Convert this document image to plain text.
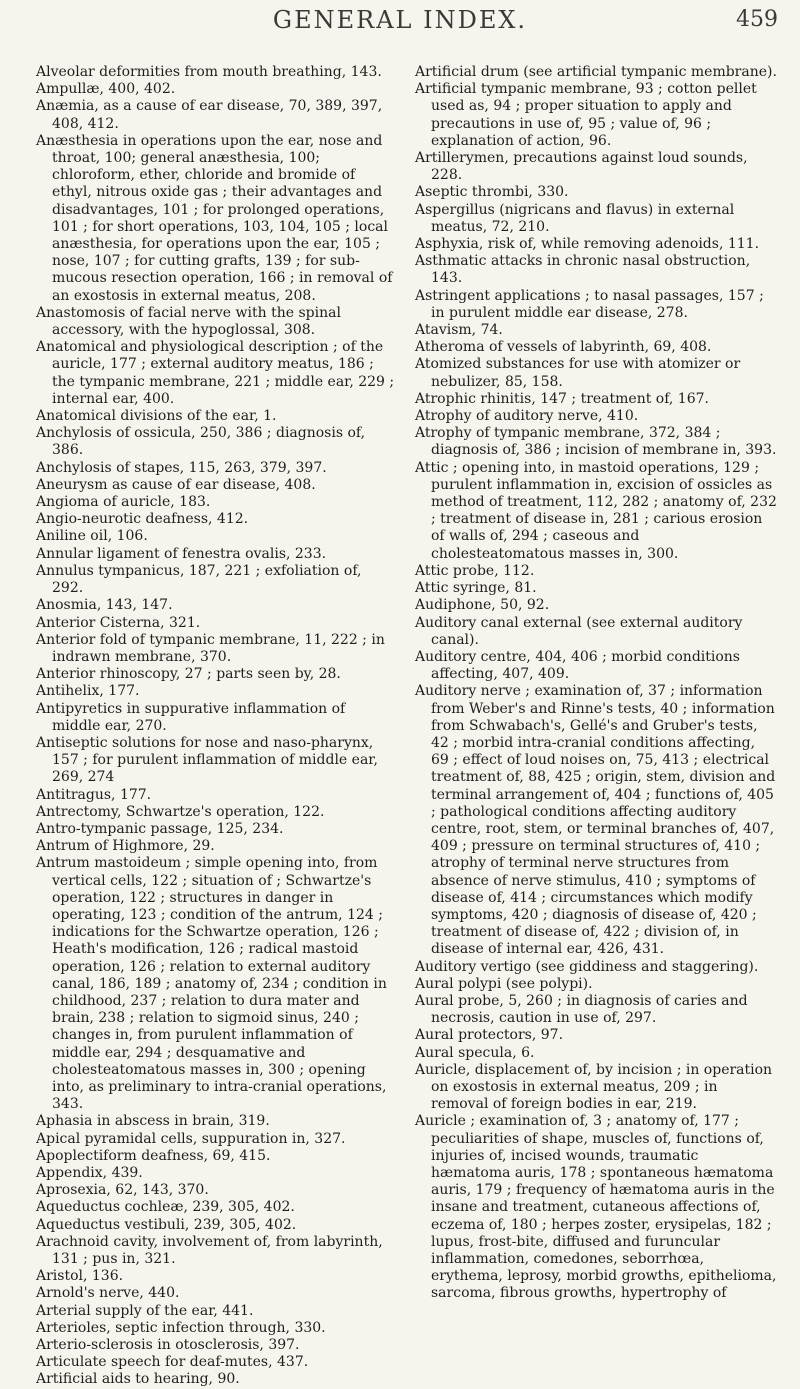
GENERAL INDEX.	459

Alveolar deformities from mouth breathing, 143.

Ampullæ, 400, 402.

Anæmia, as a cause of ear disease, 70, 389, 397, 408, 412.

Anæsthesia in operations upon the ear, nose and throat, 100; general anæsthesia, 100; chloroform, ether, chloride and bromide of ethyl, nitrous oxide gas ; their advantages and disadvantages, 101 ; for prolonged operations, 101 ; for short operations, 103, 104, 105 ; local anæsthesia, for operations upon the ear, 105 ; nose, 107 ; for cutting grafts, 139 ; for sub-mucous resection operation, 166 ; in removal of an exostosis in external meatus, 208.

Anastomosis of facial nerve with the spinal accessory, with the hypoglossal, 308.

Anatomical and physiological description ; of the auricle, 177 ; external auditory meatus, 186 ; the tympanic membrane, 221 ; middle ear, 229 ; internal ear, 400.

Anatomical divisions of the ear, 1.

Anchylosis of ossicula, 250, 386 ; diagnosis of, 386.

Anchylosis of stapes, 115, 263, 379, 397.

Aneurysm as cause of ear disease, 408.

Angioma of auricle, 183.

Angio-neurotic deafness, 412.

Aniline oil, 106.

Annular ligament of fenestra ovalis, 233.

Annulus tympanicus, 187, 221 ; exfoliation of, 292.

Anosmia, 143, 147.

Anterior Cisterna, 321.

Anterior fold of tympanic membrane, 11, 222 ; in indrawn membrane, 370.

Anterior rhinoscopy, 27 ; parts seen by, 28.

Antihelix, 177.

Antipyretics in suppurative inflammation of middle ear, 270.

Antiseptic solutions for nose and naso-pharynx, 157 ; for purulent inflammation of middle ear, 269, 274

Antitragus, 177.

Antrectomy, Schwartze's operation, 122.

Antro-tympanic passage, 125, 234.

Antrum of Highmore, 29.

Antrum mastoideum ; simple opening into, from vertical cells, 122 ; situation of ; Schwartze's operation, 122 ; structures in danger in operating, 123 ; condition of the antrum, 124 ; indications for the Schwartze operation, 126 ; Heath's modification, 126 ; radical mastoid operation, 126 ; relation to external auditory canal, 186, 189 ; anatomy of, 234 ; condition in childhood, 237 ; relation to dura mater and brain, 238 ; relation to sigmoid sinus, 240 ; changes in, from purulent inflammation of middle ear, 294 ; desquamative and cholesteatomatous masses in, 300 ; opening into, as preliminary to intra-cranial operations, 343.

Aphasia in abscess in brain, 319.

Apical pyramidal cells, suppuration in, 327.

Apoplectiform deafness, 69, 415.

Appendix, 439.

Aprosexia, 62, 143, 370.

Aqueductus cochleæ, 239, 305, 402.

Aqueductus vestibuli, 239, 305, 402.

Arachnoid cavity, involvement of, from labyrinth, 131 ; pus in, 321.

Aristol, 136.

Arnold's nerve, 440.

Arterial supply of the ear, 441.

Arterioles, septic infection through, 330.

Arterio-sclerosis in otosclerosis, 397.

Articulate speech for deaf-mutes, 437.

Artificial aids to hearing, 90.

Artificial drum (see artificial tympanic membrane).

Artificial tympanic membrane, 93 ; cotton pellet used as, 94 ; proper situation to apply and precautions in use of, 95 ; value of, 96 ; explanation of action, 96.

Artillerymen, precautions against loud sounds, 228.

Aseptic thrombi, 330.

Aspergillus (nigricans and flavus) in external meatus, 72, 210.

Asphyxia, risk of, while removing adenoids, 111.

Asthmatic attacks in chronic nasal obstruction, 143.

Astringent applications ; to nasal passages, 157 ; in purulent middle ear disease, 278.

Atavism, 74.

Atheroma of vessels of labyrinth, 69, 408.

Atomized substances for use with atomizer or nebulizer, 85, 158.

Atrophic rhinitis, 147 ; treatment of, 167.

Atrophy of auditory nerve, 410.

Atrophy of tympanic membrane, 372, 384 ; diagnosis of, 386 ; incision of membrane in, 393.

Attic ; opening into, in mastoid operations, 129 ; purulent inflammation in, excision of ossicles as method of treatment, 112, 282 ; anatomy of, 232 ; treatment of disease in, 281 ; carious erosion of walls of, 294 ; caseous and cholesteatomatous masses in, 300.

Attic probe, 112.

Attic syringe, 81.

Audiphone, 50, 92.

Auditory canal external (see external auditory canal).

Auditory centre, 404, 406 ; morbid conditions affecting, 407, 409.

Auditory nerve ; examination of, 37 ; information from Weber's and Rinne's tests, 40 ; information from Schwabach's, Gellé's and Gruber's tests, 42 ; morbid intra-cranial conditions affecting, 69 ; effect of loud noises on, 75, 413 ; electrical treatment of, 88, 425 ; origin, stem, division and terminal arrangement of, 404 ; functions of, 405 ; pathological conditions affecting auditory centre, root, stem, or terminal branches of, 407, 409 ; pressure on terminal structures of, 410 ; atrophy of terminal nerve structures from absence of nerve stimulus, 410 ; symptoms of disease of, 414 ; circumstances which modify symptoms, 420 ; diagnosis of disease of, 420 ; treatment of disease of, 422 ; division of, in disease of internal ear, 426, 431.

Auditory vertigo (see giddiness and staggering).

Aural polypi (see polypi).

Aural probe, 5, 260 ; in diagnosis of caries and necrosis, caution in use of, 297.

Aural protectors, 97.

Aural specula, 6.

Auricle, displacement of, by incision ; in operation on exostosis in external meatus, 209 ; in removal of foreign bodies in ear, 219.

Auricle ; examination of, 3 ; anatomy of, 177 ; peculiarities of shape, muscles of, functions of, injuries of, incised wounds, traumatic hæmatoma auris, 178 ; spontaneous hæmatoma auris, 179 ; frequency of hæmatoma auris in the insane and treatment, cutaneous affections of, eczema of, 180 ; herpes zoster, erysipelas, 182 ; lupus, frost-bite, diffused and furuncular inflammation, comedones, seborrhœa, erythema, leprosy, morbid growths, epithelioma, sarcoma, fibrous growths, hypertrophy of
